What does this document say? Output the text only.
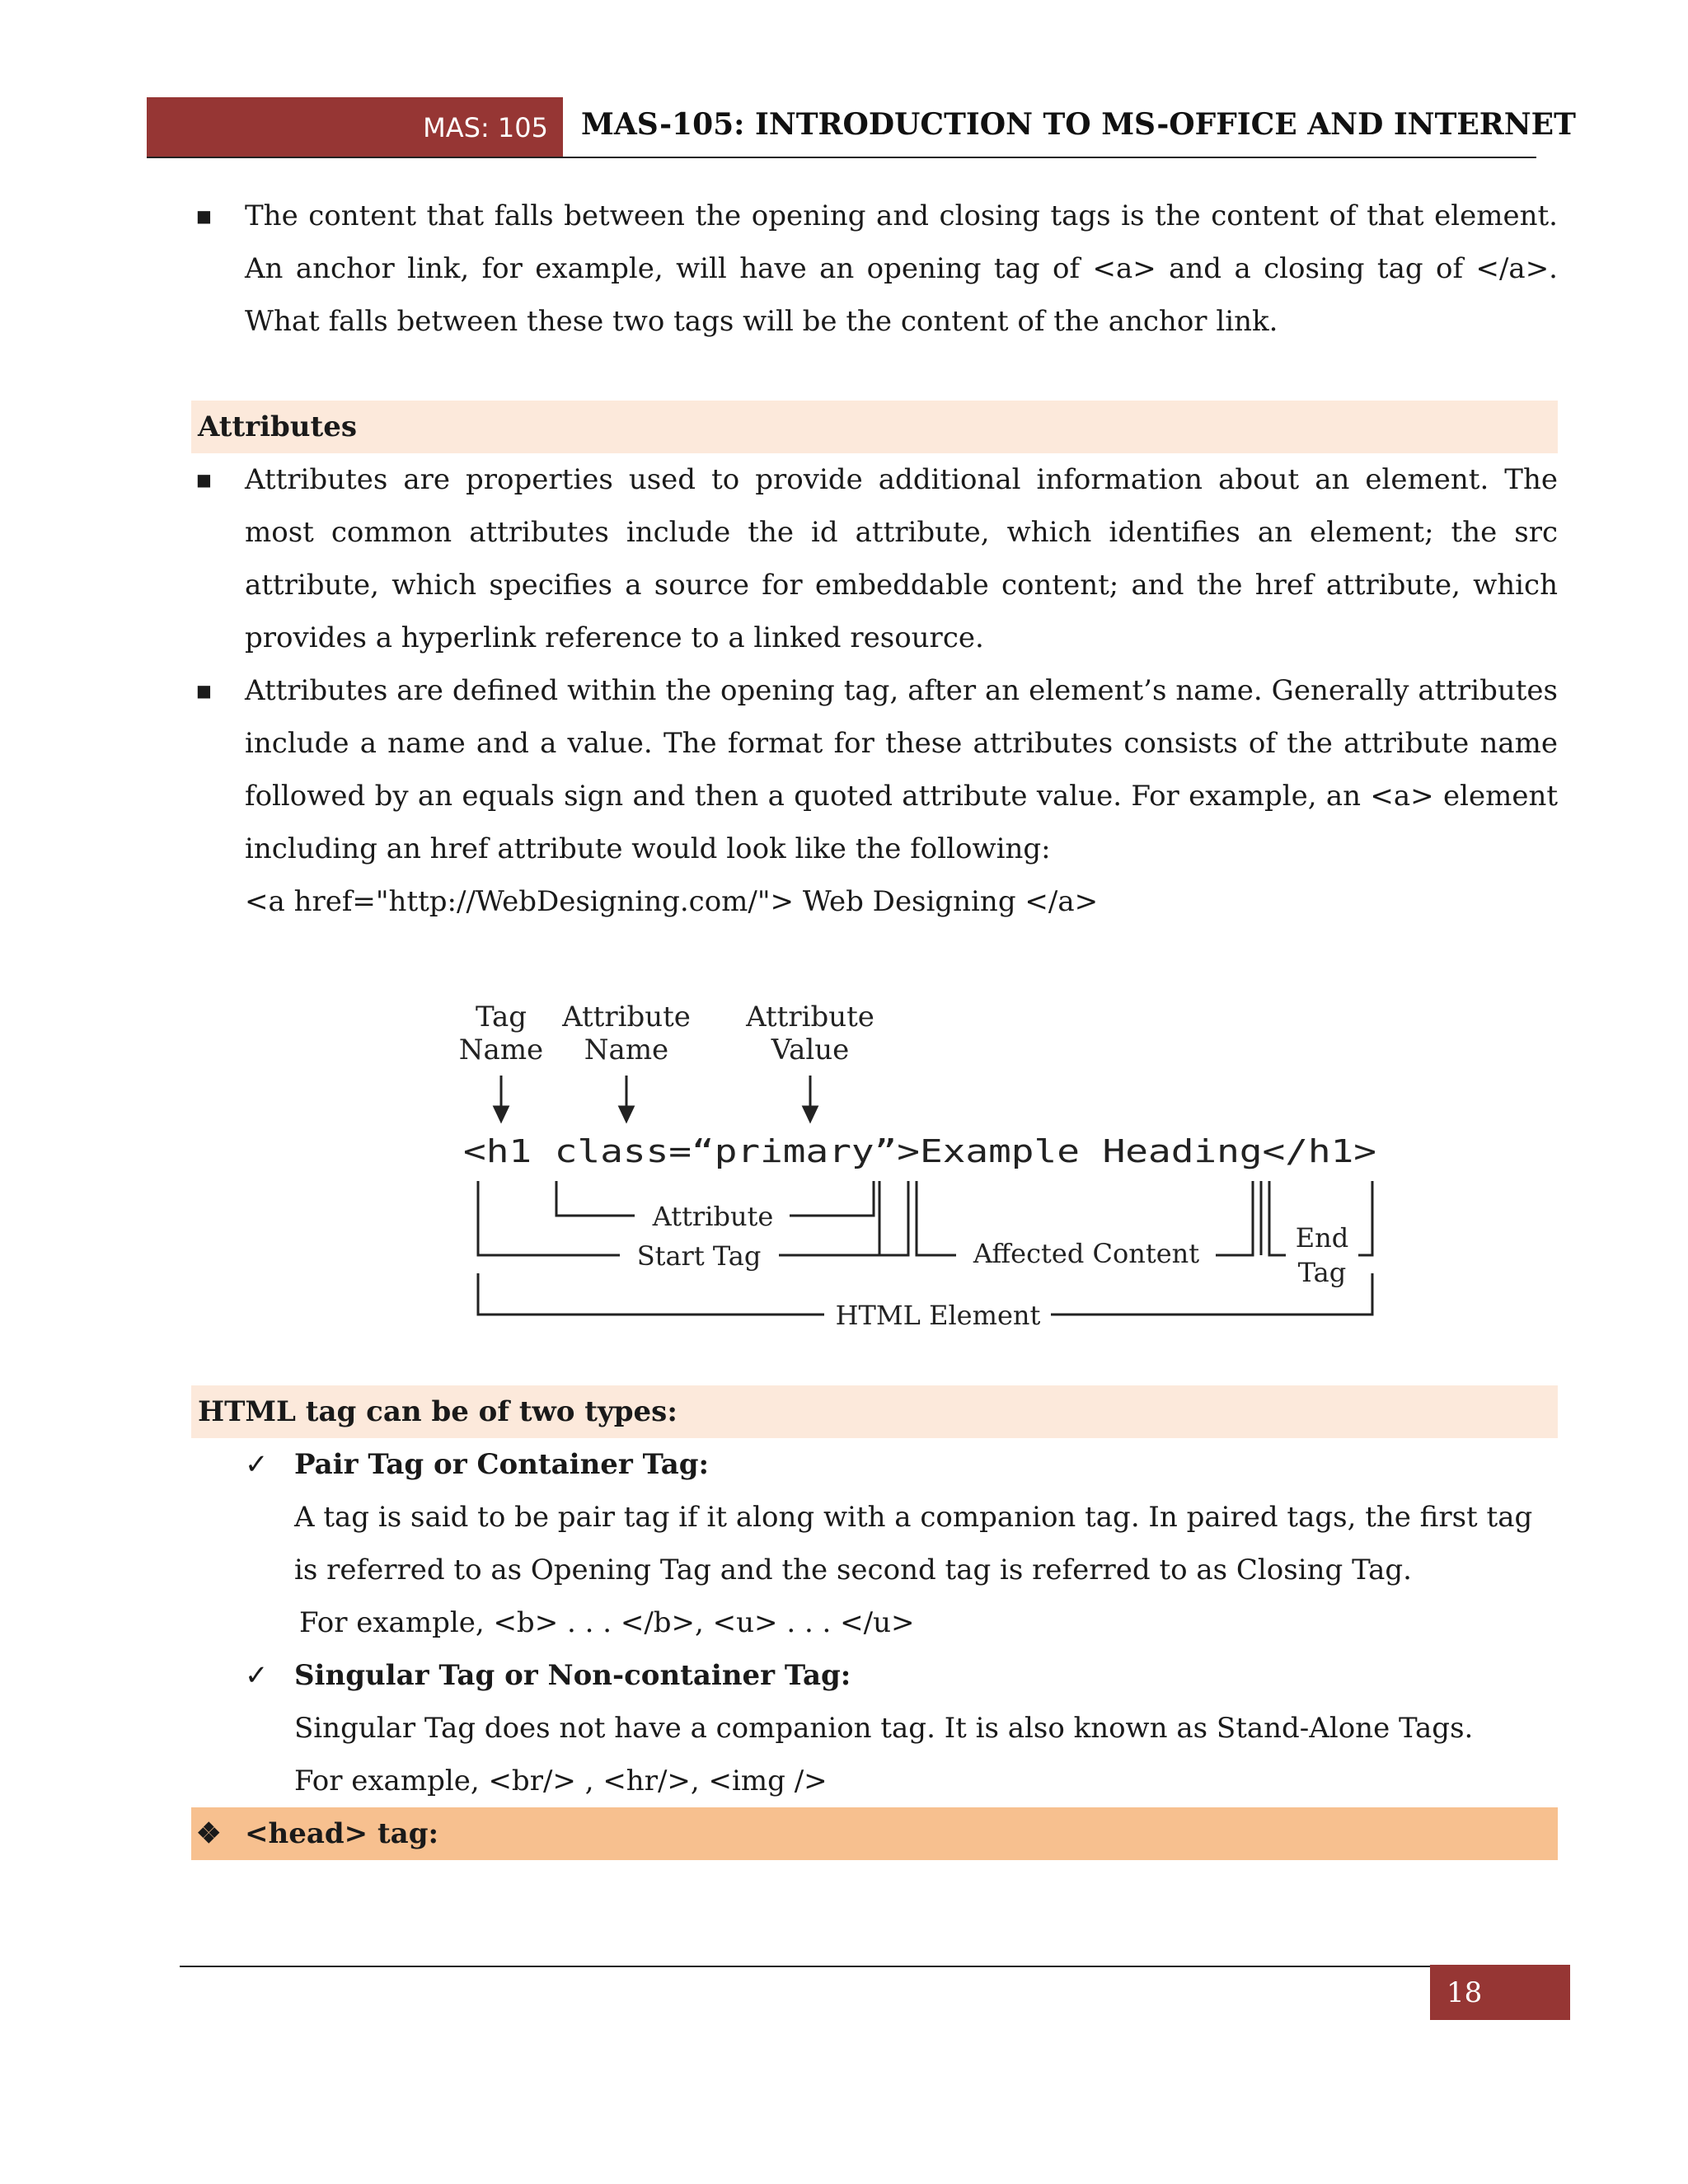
MAS: 105 MAS-105: INTRODUCTION TO MS-OFFICE AND INTERNET
■ The content that falls between the opening and closing tags is the content of that element. An anchor link, for example, will have an opening tag of <a> and a closing tag of </a>. What falls between these two tags will be the content of the anchor link.
Attributes
■ Attributes are properties used to provide additional information about an element. The most common attributes include the id attribute, which identifies an element; the src attribute, which specifies a source for embeddable content; and the href attribute, which provides a hyperlink reference to a linked resource.
■ Attributes are defined within the opening tag, after an element’s name. Generally attributes include a name and a value. The format for these attributes consists of the attribute name followed by an equals sign and then a quoted attribute value. For example, an <a> element including an href attribute would look like the following:
<a href="http://WebDesigning.com/"> Web Designing </a>
HTML tag can be of two types:
✓ Pair Tag or Container Tag:
A tag is said to be pair tag if it along with a companion tag. In paired tags, the first tag is referred to as Opening Tag and the second tag is referred to as Closing Tag.
For example, <b> . . . </b>, <u> . . . </u>
✓ Singular Tag or Non-container Tag:
Singular Tag does not have a companion tag. It is also known as Stand-Alone Tags.
For example, <br/> , <hr/>, <img />
❖ <head> tag:
Tag
Name
Attribute
Name
Attribute
Value
<h1 class=“primary”>Example Heading</h1>
Attribute
Start Tag	Affected Content	End
Tag
HTML Element
18
